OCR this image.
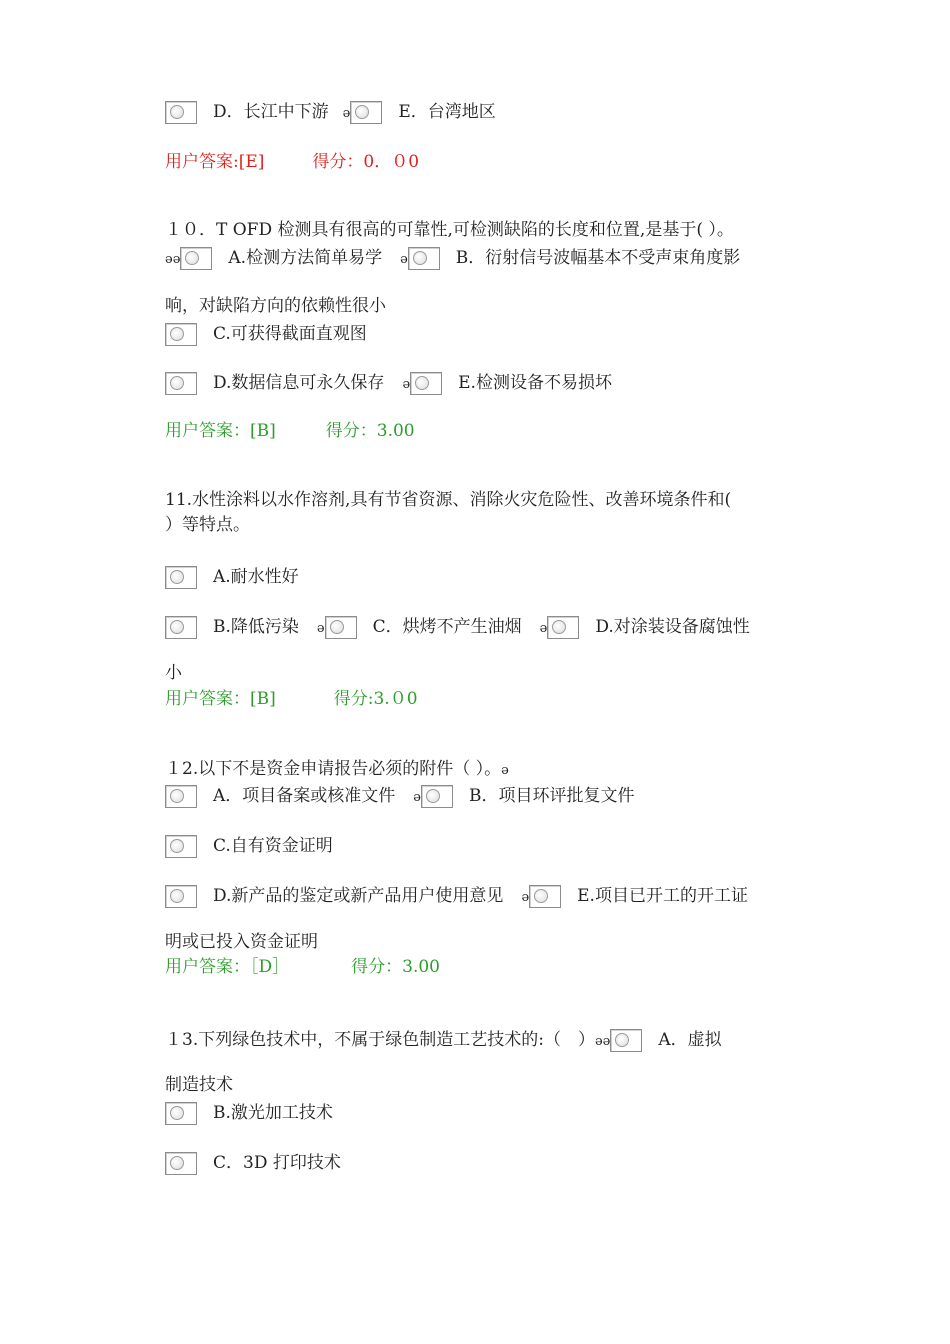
D．长江中下游 ǝ	E．台湾地区
用户答案:[E]	得分：0．０0
１０．T OFD 检测具有很高的可靠性,可检测缺陷的长度和位置,是基于( ）。
ǝǝ	A.检测方法简单易学 ǝ	B．衍射信号波幅基本不受声束角度影
响，对缺陷方向的依赖性很小
C.可获得截面直观图
D.数据信息可永久保存 ǝ	E.检测设备不易损坏
用户答案：[B]	得分：3.00
11.水性涂料以水作溶剂,具有节省资源、消除火灾危险性、改善环境条件和(
）等特点。
A.耐水性好
B.降低污染 ǝ	C．烘烤不产生油烟 ǝ	D.对涂装设备腐蚀性
小
用户答案：[B]	得分:3.０0
１2.以下不是资金申请报告必须的附件（ ）。ǝ
A．项目备案或核准文件 ǝ	B．项目环评批复文件
C.自有资金证明
D.新产品的鉴定或新产品用户使用意见 ǝ	E.项目已开工的开工证
明或已投入资金证明
用户答案：［D］	得分：3.00
１3.下列绿色技术中，不属于绿色制造工艺技术的:（　）ǝǝ	A．虚拟
制造技术
B.激光加工技术
C．3D 打印技术
